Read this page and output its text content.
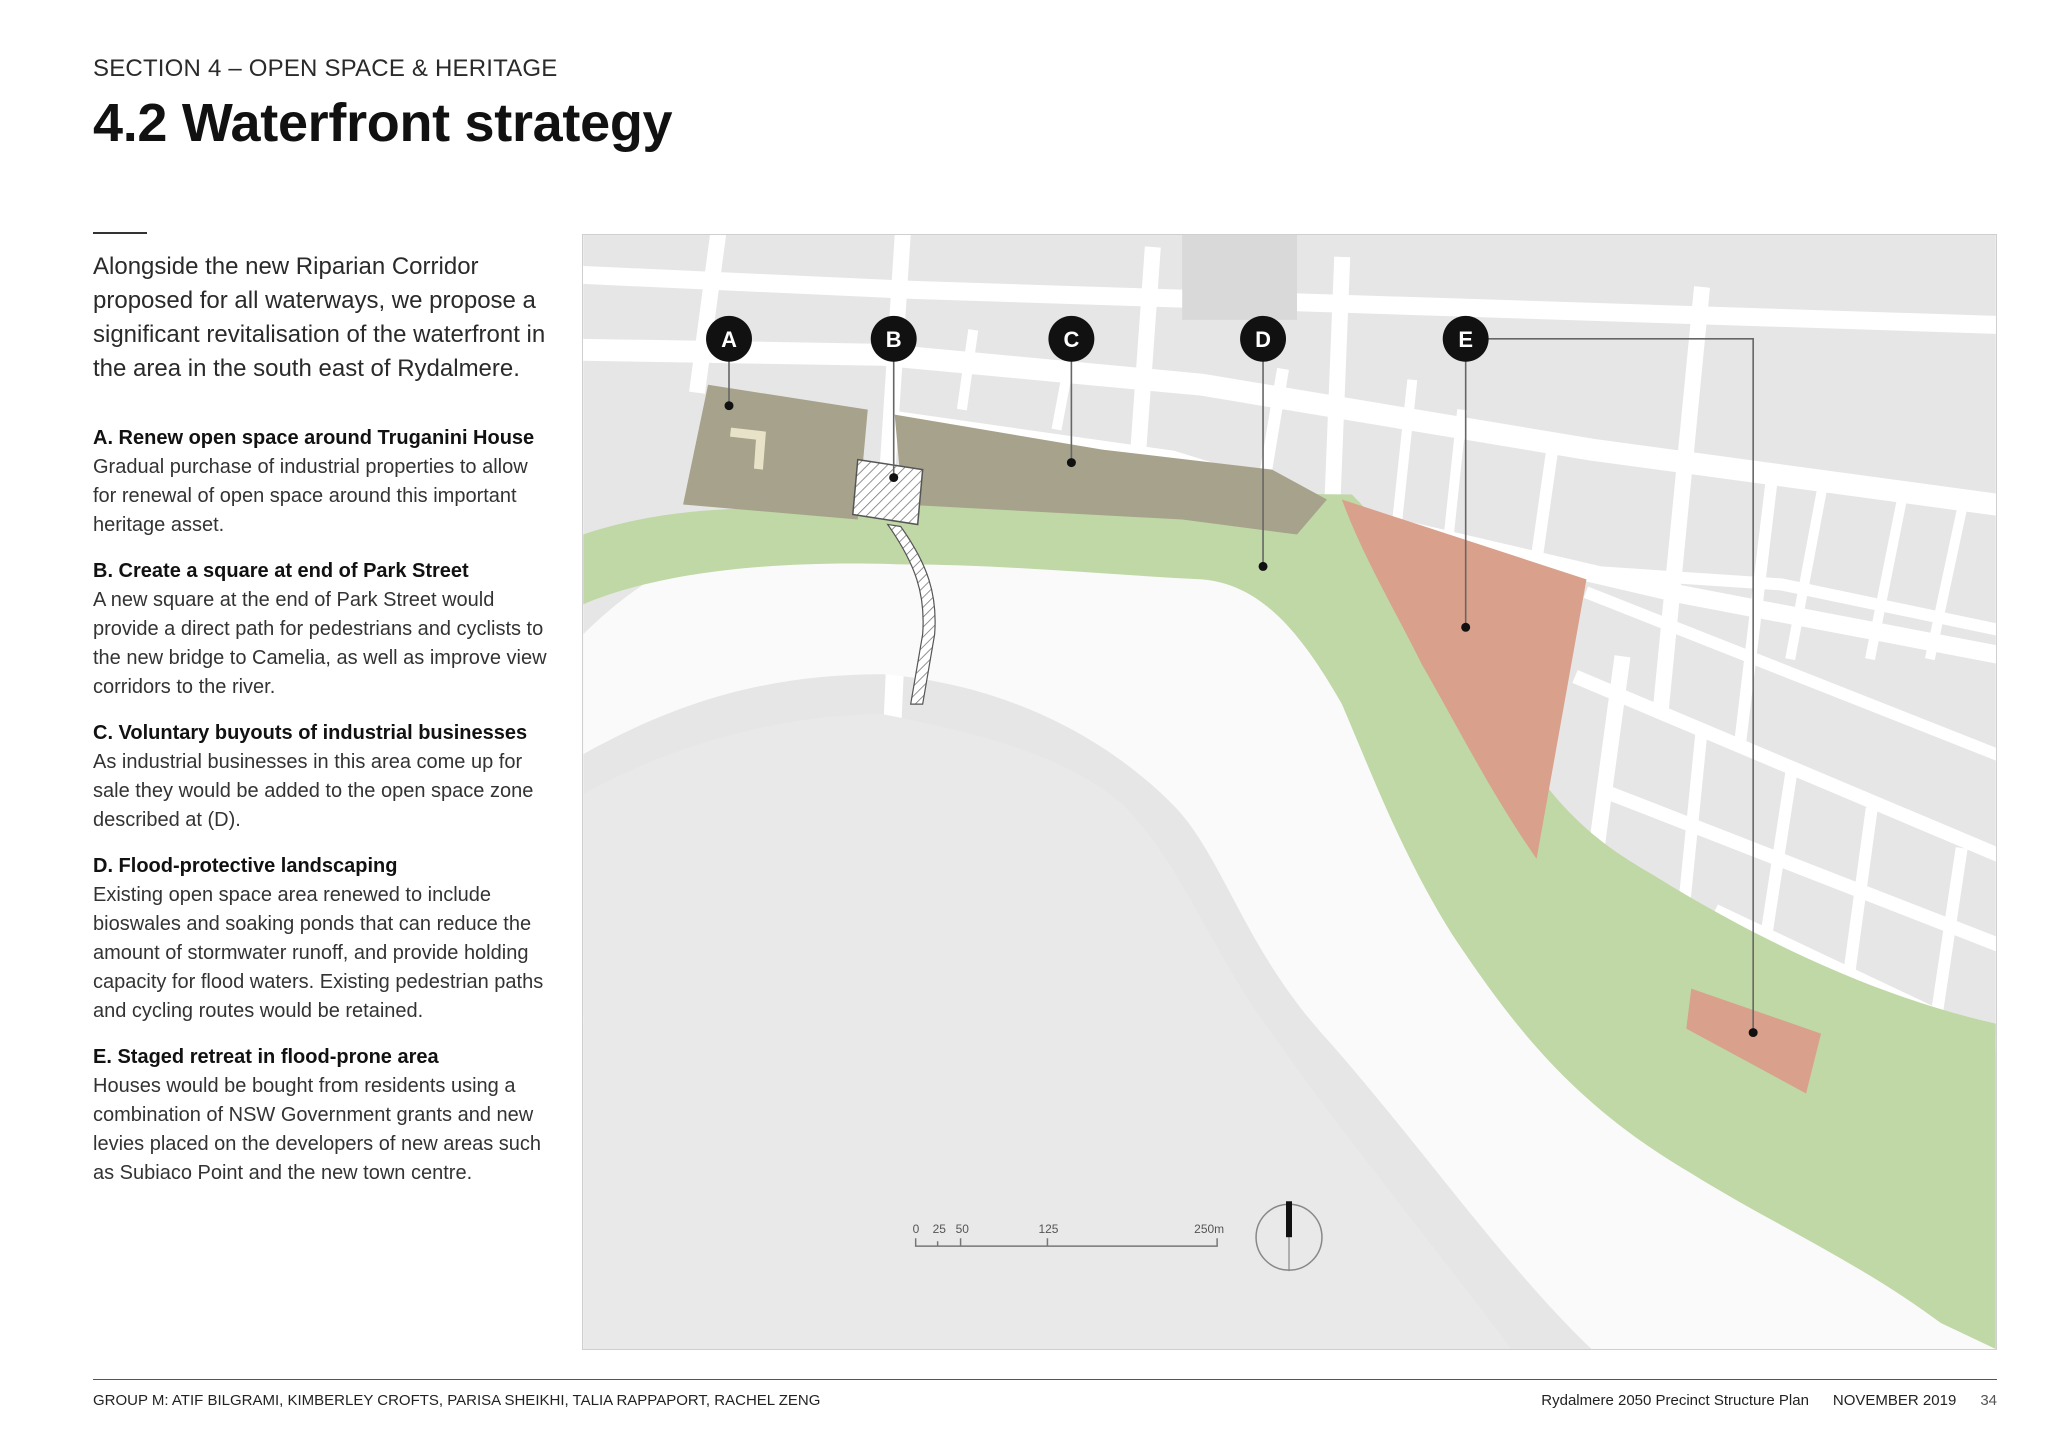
SECTION 4 – OPEN SPACE & HERITAGE
4.2 Waterfront strategy

Alongside the new Riparian Corridor proposed for all waterways, we propose a significant revitalisation of the waterfront in the area in the south east of Rydalmere.

A. Renew open space around Truganini House
Gradual purchase of industrial properties to allow for renewal of open space around this important heritage asset.
B. Create a square at end of Park Street
A new square at the end of Park Street would provide a direct path for pedestrians and cyclists to the new bridge to Camelia, as well as improve view corridors to the river.
C. Voluntary buyouts of industrial businesses
As industrial businesses in this area come up for sale they would be added to the open space zone described at (D).
D. Flood-protective landscaping
Existing open space area renewed to include bioswales and soaking ponds that can reduce the amount of stormwater runoff, and provide holding capacity for flood waters. Existing pedestrian paths and cycling routes would be retained.
E. Staged retreat in flood-prone area
Houses would be bought from residents using a combination of NSW Government grants and new levies placed on the developers of new areas such as Subiaco Point and the new town centre.
A	B	C	D	E
0 25 50	125	250m
GROUP M: ATIF BILGRAMI, KIMBERLEY CROFTS, PARISA SHEIKHI, TALIA RAPPAPORT, RACHEL ZENG	Rydalmere 2050 Precinct Structure Plan NOVEMBER 2019 34
